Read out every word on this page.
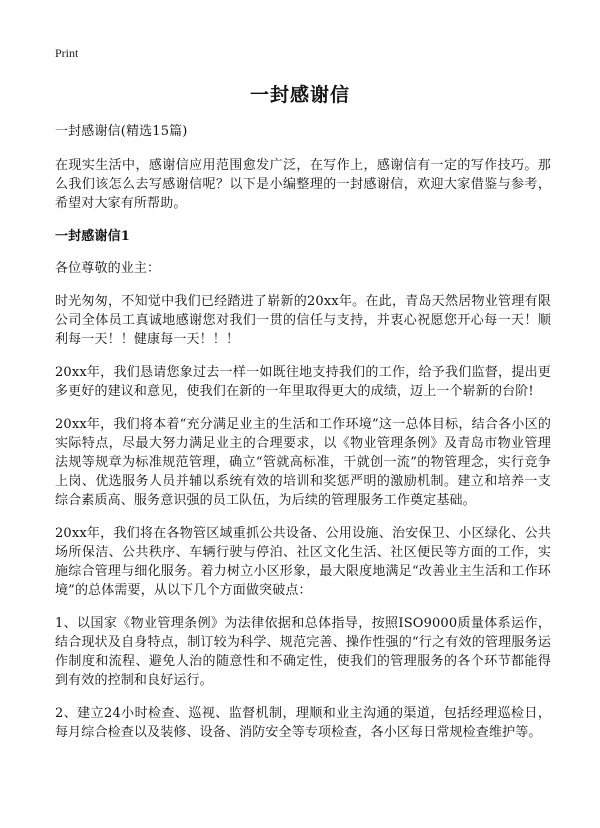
Print
一封感谢信

一封感谢信(精选15篇)

在现实生活中，感谢信应用范围愈发广泛，在写作上，感谢信有一定的写作技巧。那么我们该怎么去写感谢信呢？以下是小编整理的一封感谢信，欢迎大家借鉴与参考，希望对大家有所帮助。

一封感谢信1

各位尊敬的业主：

时光匆匆，不知觉中我们已经踏进了崭新的20xx年。在此，青岛天然居物业管理有限公司全体员工真诚地感谢您对我们一贯的信任与支持，并衷心祝愿您开心每一天！顺利每一天！！健康每一天！！！

20xx年，我们恳请您象过去一样一如既往地支持我们的工作，给予我们监督，提出更多更好的建议和意见，使我们在新的一年里取得更大的成绩，迈上一个崭新的台阶!

20xx年，我们将本着“充分满足业主的生活和工作环境”这一总体目标，结合各小区的实际特点，尽最大努力满足业主的合理要求，以《物业管理条例》及青岛市物业管理法规等规章为标准规范管理，确立“管就高标准，干就创一流”的物管理念，实行竞争上岗、优选服务人员并辅以系统有效的培训和奖惩严明的激励机制。建立和培养一支综合素质高、服务意识强的员工队伍，为后续的管理服务工作奠定基础。

20xx年，我们将在各物管区域重抓公共设备、公用设施、治安保卫、小区绿化、公共场所保洁、公共秩序、车辆行驶与停泊、社区文化生活、社区便民等方面的工作，实施综合管理与细化服务。着力树立小区形象，最大限度地满足“改善业主生活和工作环境”的总体需要，从以下几个方面做突破点：

1、以国家《物业管理条例》为法律依据和总体指导，按照ISO9000质量体系运作，结合现状及自身特点，制订较为科学、规范完善、操作性强的“行之有效的管理服务运作制度和流程、避免人治的随意性和不确定性，使我们的管理服务的各个环节都能得到有效的控制和良好运行。

2、建立24小时检查、巡视、监督机制，理顺和业主沟通的渠道，包括经理巡检日，每月综合检查以及装修、设备、消防安全等专项检查，各小区每日常规检查维护等。
